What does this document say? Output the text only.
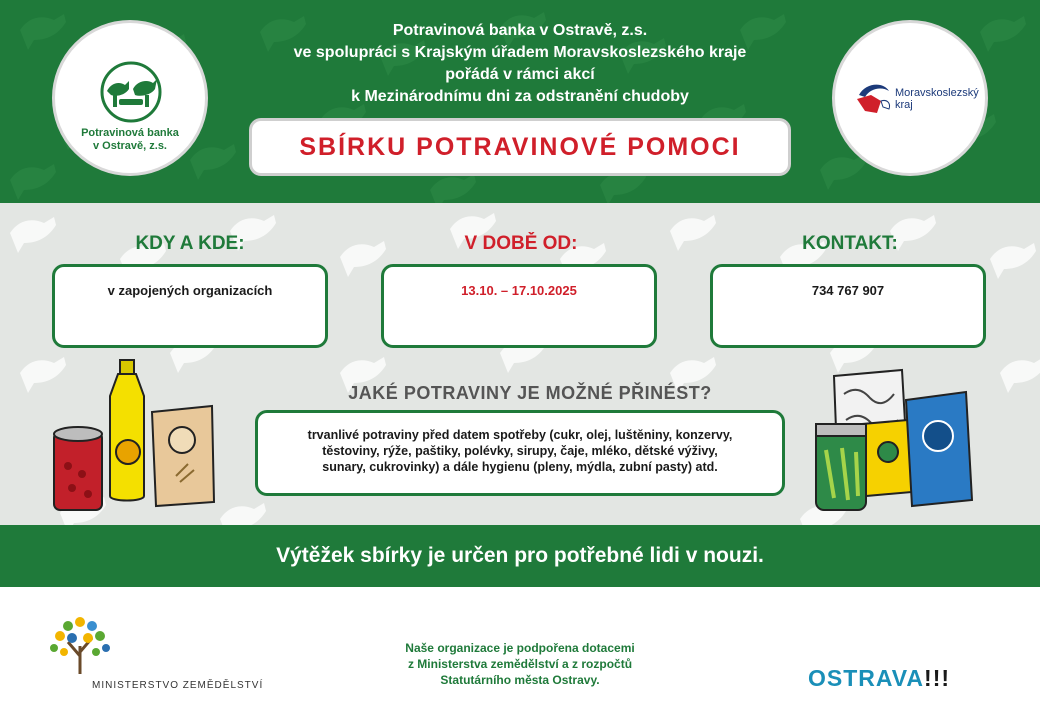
Potravinová banka v Ostravě, z.s.
ve spolupráci s Krajským úřadem Moravskoslezského kraje
pořádá v rámci akcí
k Mezinárodnímu dni za odstranění chudoby
Potravinová banka
v Ostravě, z.s.
Moravskoslezský
kraj
SBÍRKU POTRAVINOVÉ POMOCI
KDY A KDE:	V DOBĚ OD:	KONTAKT:
v zapojených organizacích	13.10. – 17.10.2025	734 767 907
JAKÉ POTRAVINY JE MOŽNÉ PŘINÉST?
trvanlivé potraviny před datem spotřeby (cukr, olej, luštěniny, konzervy,
těstoviny, rýže, paštiky, polévky, sirupy, čaje, mléko, dětské výživy,
sunary, cukrovinky) a dále hygienu (pleny, mýdla, zubní pasty) atd.
Výtěžek sbírky je určen pro potřebné lidi v nouzi.
MINISTERSTVO ZEMĚDĚLSTVÍ
Naše organizace je podpořena dotacemi
z Ministerstva zemědělství a z rozpočtů
Statutárního města Ostravy.	OSTRAVA!!!
